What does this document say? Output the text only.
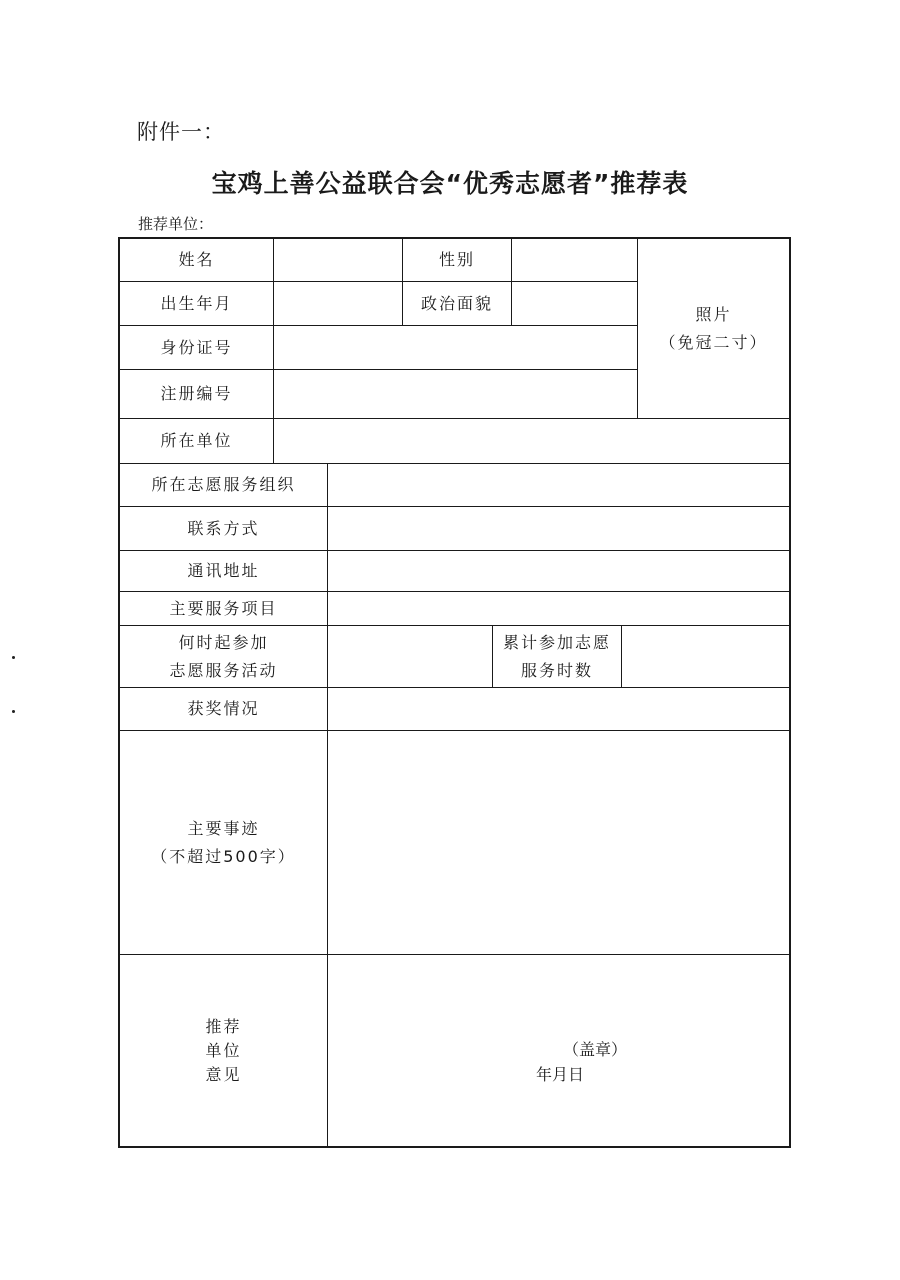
附件一：
宝鸡上善公益联合会“优秀志愿者”推荐表
推荐单位：
姓名	性别
出生年月	政治面貌
照片
（免冠二寸）
身份证号
注册编号
所在单位
所在志愿服务组织
联系方式
通讯地址
主要服务项目
何时起参加
志愿服务活动
累计参加志愿
服务时数
获奖情况
主要事迹
（不超过500字）
推荐
单位
意见
（盖章）
年月日
